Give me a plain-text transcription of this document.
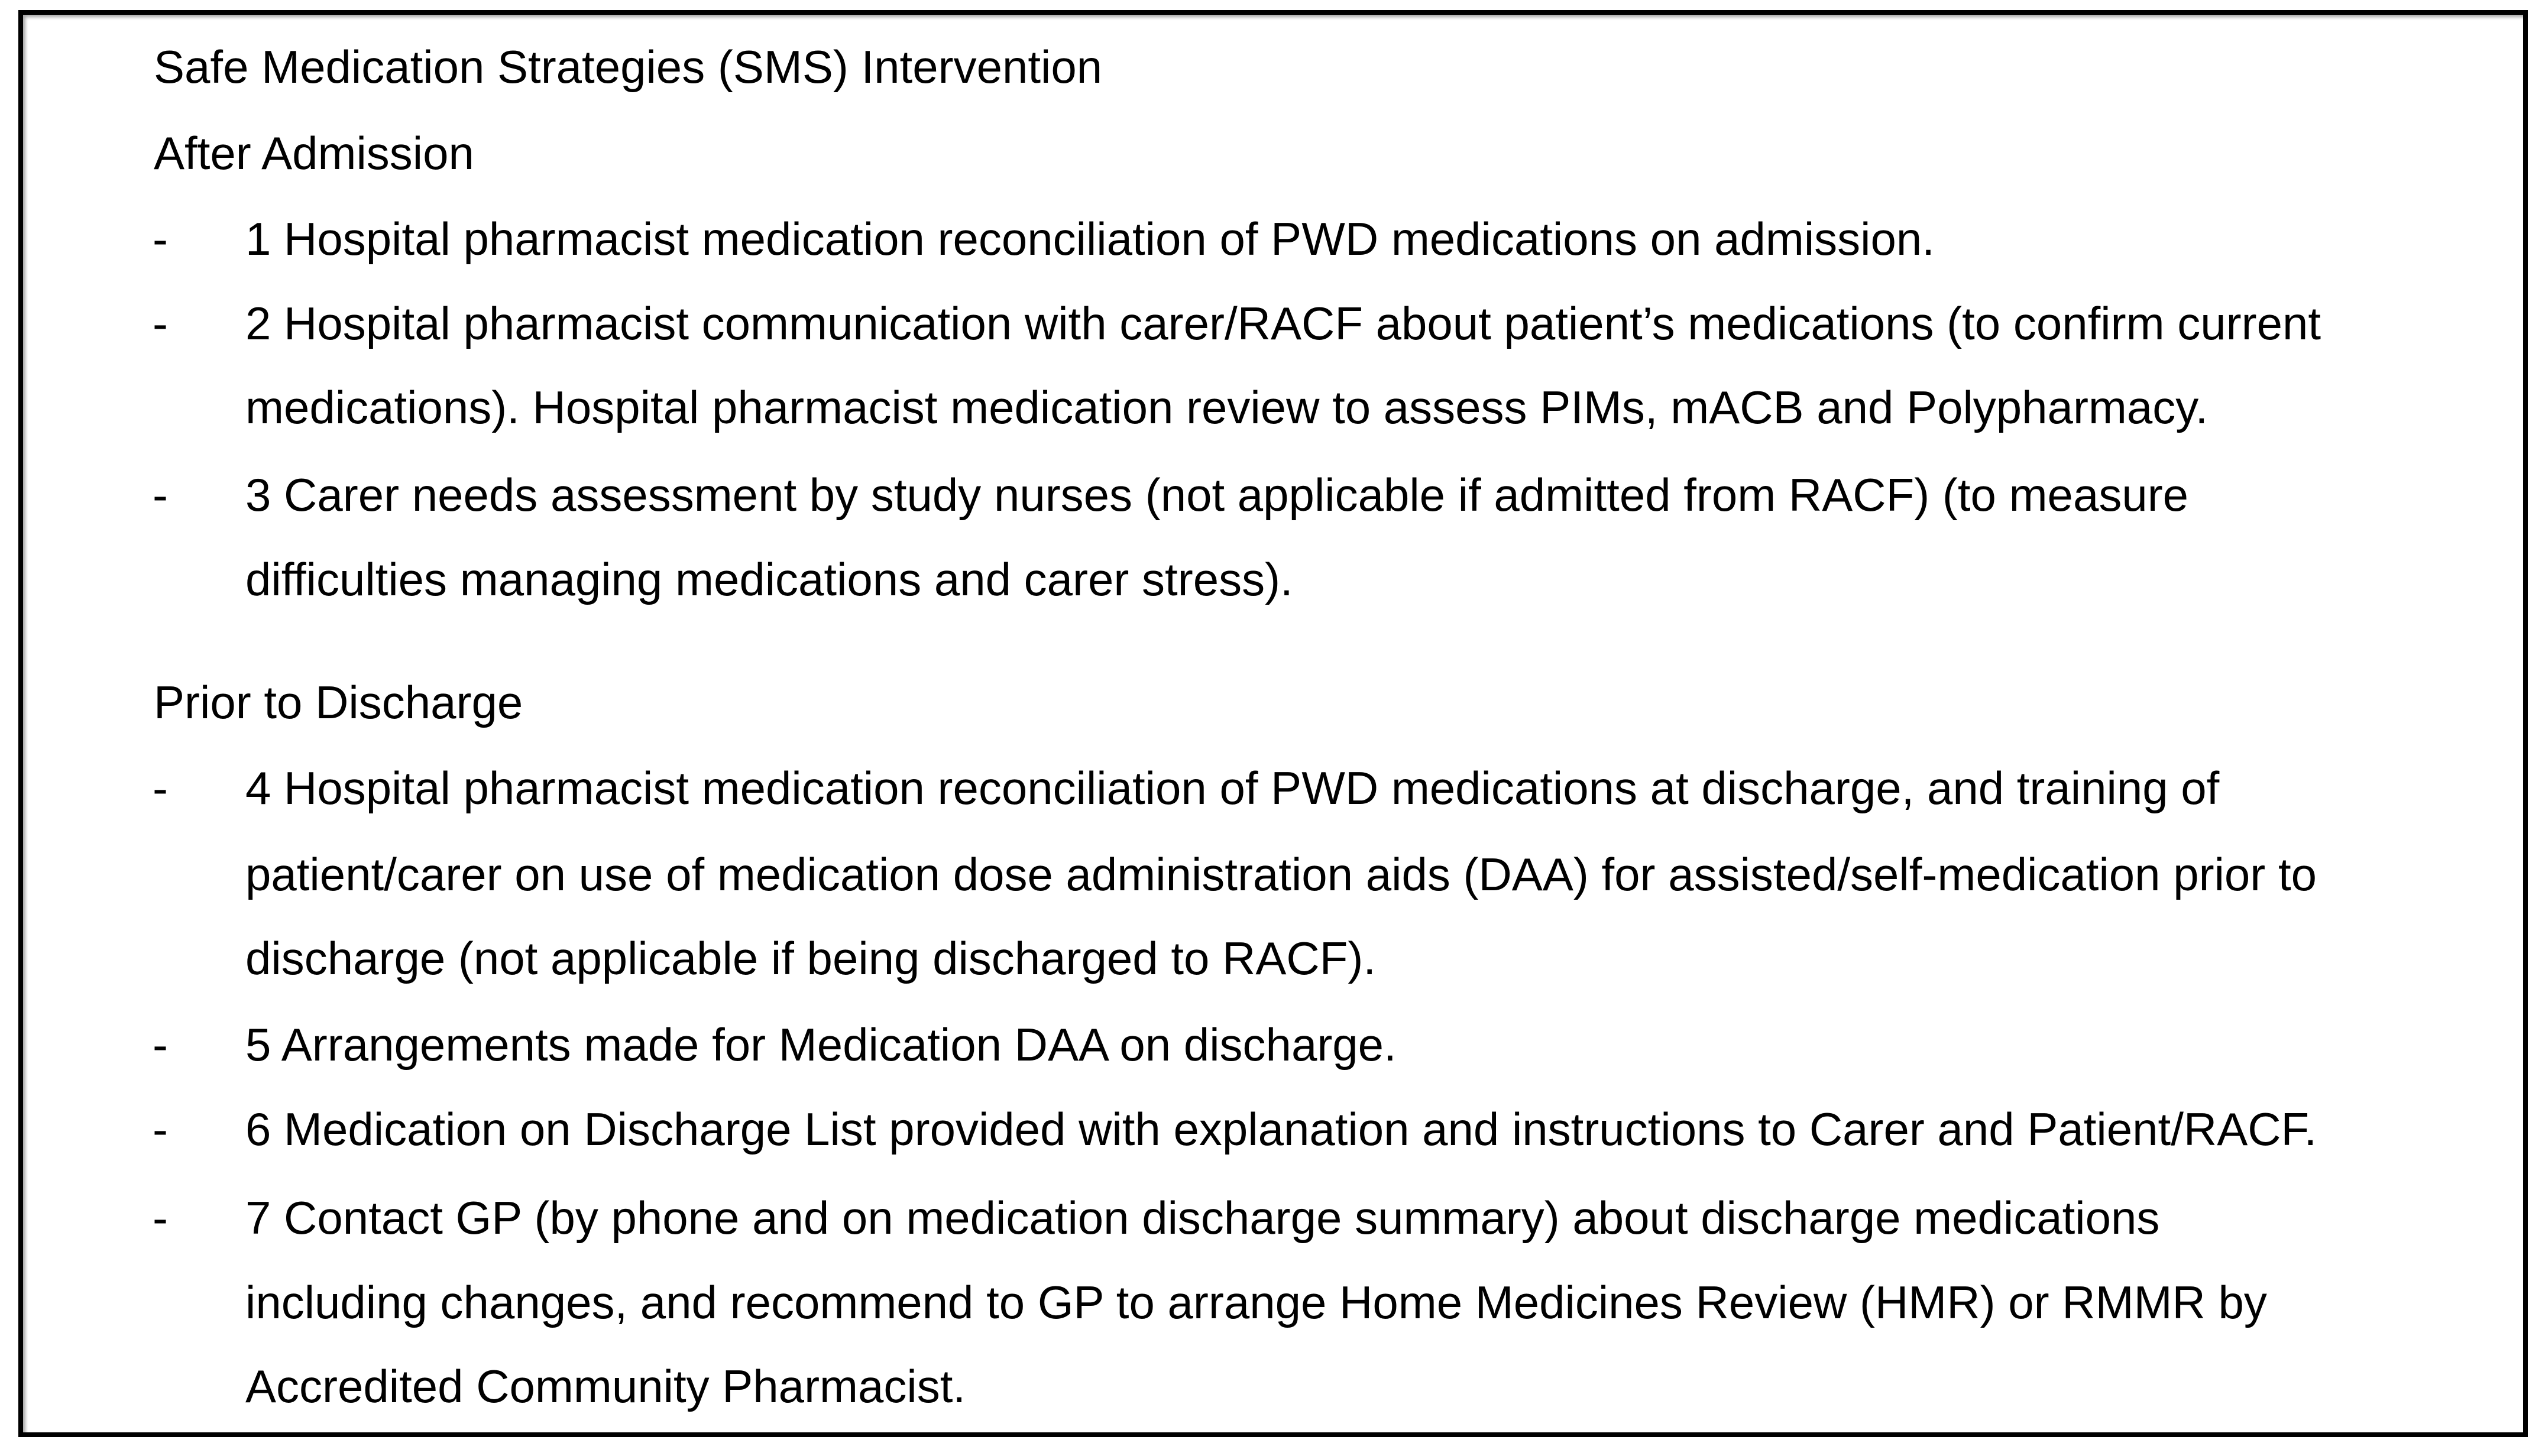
Safe Medication Strategies (SMS) Intervention
After Admission
- 1 Hospital pharmacist medication reconciliation of PWD medications on admission.
- 2 Hospital pharmacist communication with carer/RACF about patient’s medications (to confirm current
medications). Hospital pharmacist medication review to assess PIMs, mACB and Polypharmacy.
- 3 Carer needs assessment by study nurses (not applicable if admitted from RACF) (to measure
difficulties managing medications and carer stress).
Prior to Discharge
- 4 Hospital pharmacist medication reconciliation of PWD medications at discharge, and training of
patient/carer on use of medication dose administration aids (DAA) for assisted/self-medication prior to
discharge (not applicable if being discharged to RACF).
- 5 Arrangements made for Medication DAA on discharge.
- 6 Medication on Discharge List provided with explanation and instructions to Carer and Patient/RACF.
- 7 Contact GP (by phone and on medication discharge summary) about discharge medications
including changes, and recommend to GP to arrange Home Medicines Review (HMR) or RMMR by
Accredited Community Pharmacist.
